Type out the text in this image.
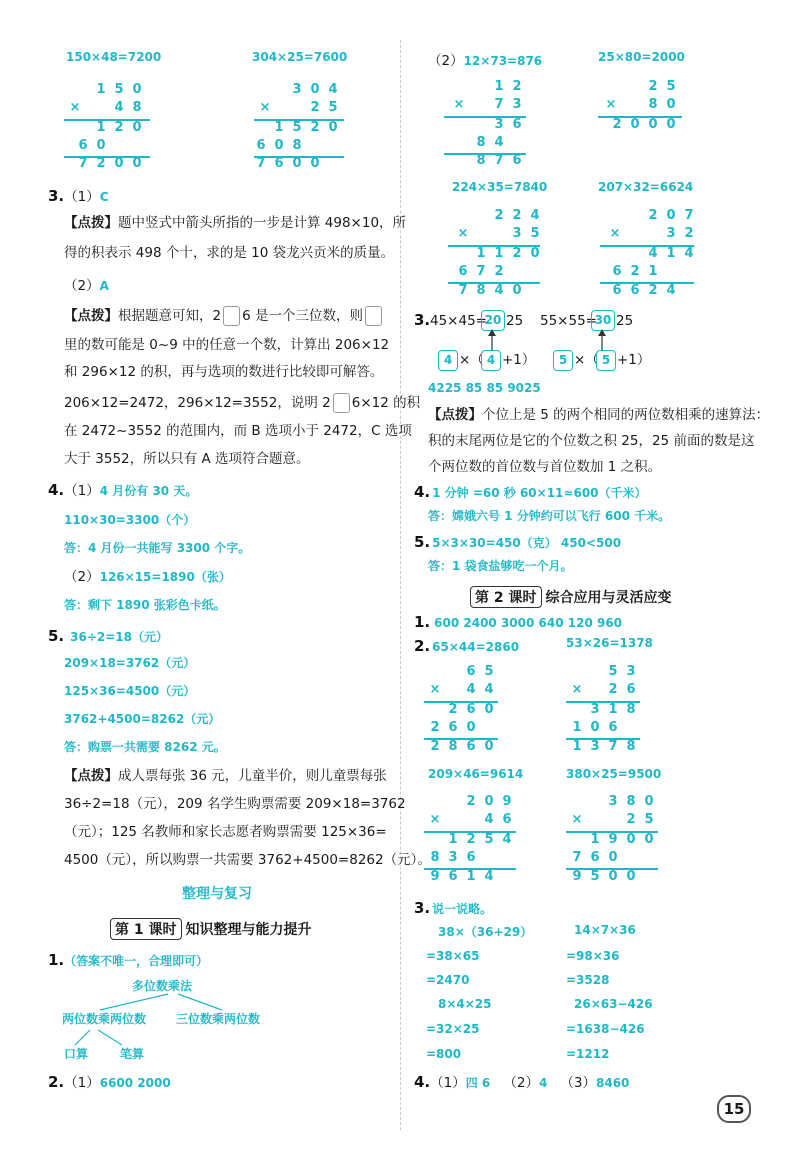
150×48=7200	304×25=7600
1 5 0
×	4 8
1 2 0
6 0
7 2 0 0
3 0 4
×	2 5
1 5 2 0
6 0 8
7 6 0 0
3.（1）C
【点拨】题中竖式中箭头所指的一步是计算 498×10，所
得的积表示 498 个十，求的是 10 袋龙兴贡米的质量。
（2）A
【点拨】根据题意可知，2 6 是一个三位数，则
里的数可能是 0~9 中的任意一个数，计算出 206×12
和 296×12 的积，再与选项的数进行比较即可解答。
206×12=2472，296×12=3552，说明 2 6×12 的积
在 2472~3552 的范围内，而 B 选项小于 2472，C 选项
大于 3552，所以只有 A 选项符合题意。
4.（1）4 月份有 30 天。
110×30=3300（个）
答：4 月份一共能写 3300 个字。
（2）126×15=1890（张）
答：剩下 1890 张彩色卡纸。
5. 36÷2=18（元）
209×18=3762（元）
125×36=4500（元）
3762+4500=8262（元）
答：购票一共需要 8262 元。
【点拨】成人票每张 36 元，儿童半价，则儿童票每张
36÷2=18（元），209 名学生购票需要 209×18=3762
（元）；125 名教师和家长志愿者购票需要 125×36=
4500（元），所以购票一共需要 3762+4500=8262（元）。
整理与复习
第 1 课时 知识整理与能力提升
1.（答案不唯一，合理即可）
多位数乘法
两位数乘两位数 三位数乘两位数
口算	笔算
2.（1）6600 2000
（2）12×73=876	25×80=2000
1 2
×	7 3
3 6
8 4
8 7 6
2 5
×	8 0
2 0 0 0
224×35=7840	207×32=6624
2 2 4
×	3 5
1 1 2 0
6 7 2
7 8 4 0
2 0 7
×	3 2
4 1 4
6 2 1
6 6 2 4
3. 45×45=
20 25 55×55=
30 25
4 ×（ 4 +1）	5 ×（ 5 +1）
4225 85 85 9025
【点拨】个位上是 5 的两个相同的两位数相乘的速算法：
积的末尾两位是它的个位数之积 25，25 前面的数是这
个两位数的首位数与首位数加 1 之积。
4. 1 分钟 =60 秒 60×11≈600（千米）
答：嫦娥六号 1 分钟约可以飞行 600 千米。
5. 5×3×30=450（克） 450<500
答：1 袋食盐够吃一个月。
第 2 课时 综合应用与灵活应变
1. 600 2400 3000 640 120 960
2. 65×44=2860	53×26=1378
6 5
×	4 4
2 6 0
2 6 0
2 8 6 0
5 3
×	2 6
3 1 8
1 0 6
1 3 7 8
209×46=9614	380×25=9500
2 0 9
×	4 6
1 2 5 4
8 3 6
9 6 1 4
3 8 0
×	2 5
1 9 0 0
7 6 0
9 5 0 0
3. 说一说略。
38×（36+29）
=38×65
=2470
14×7×36
=98×36
=3528
8×4×25
=32×25
=800
26×63−426
=1638−426
=1212
4.（1）四 6 （2）4 （3）8460
15
